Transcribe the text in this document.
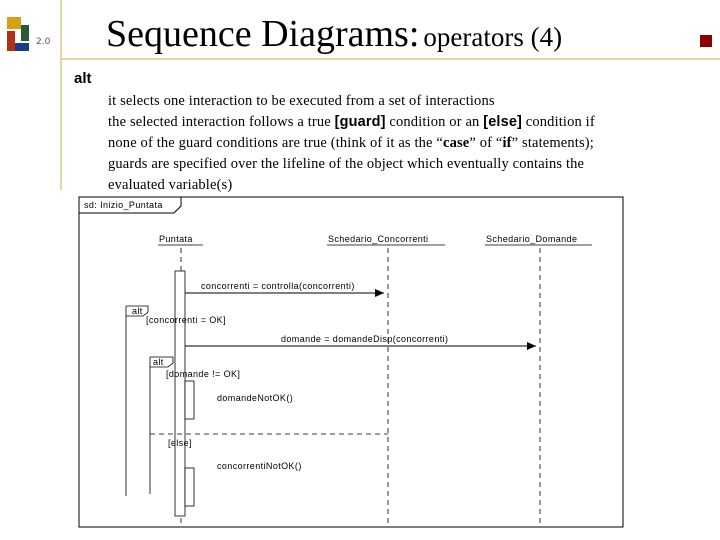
2.0 Sequence Diagrams: operators (4)
alt
it selects one interaction to be executed from a set of interactions
the selected interaction follows a true [guard] condition or an [else] condition if
none of the guard conditions are true (think of it as the “case” of “if” statements);
guards are specified over the lifeline of the object which eventually contains the
evaluated variable(s)
sd: Inizio_Puntata
Puntata	Schedario_Concorrenti	Schedario_Domande
concorrenti = controlla(concorrenti)
alt
[concorrenti = OK]
domande = domandeDisp(concorrenti)
alt
[domande != OK]
domandeNotOK()
[else]
concorrentiNotOK()
